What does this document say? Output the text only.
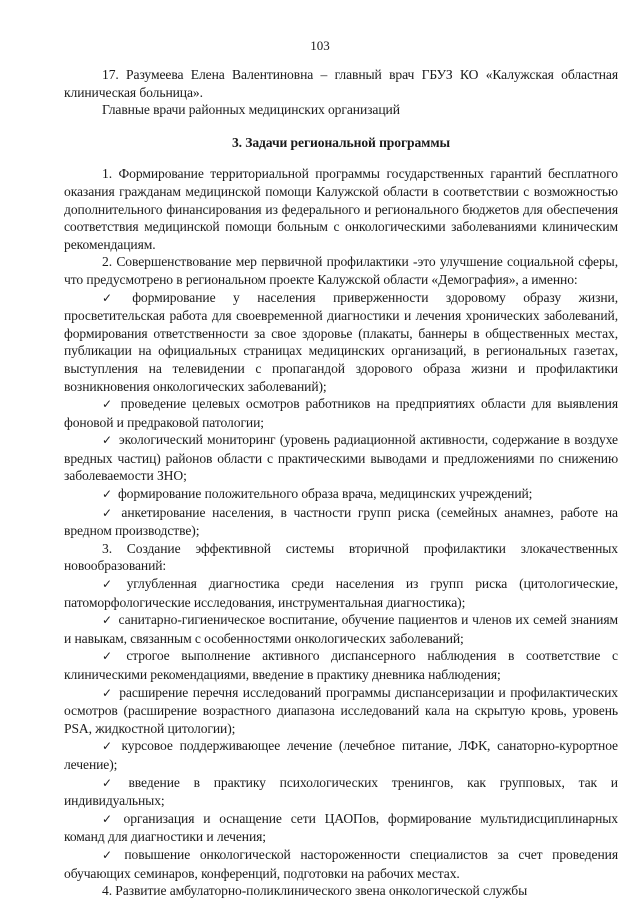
103

17. Разумеева Елена Валентиновна – главный врач ГБУЗ КО «Калужская областная клиническая больница».

Главные врачи районных медицинских организаций

3. Задачи региональной программы

1. Формирование территориальной программы государственных гарантий бесплатного оказания гражданам медицинской помощи Калужской области в соответствии с возможностью дополнительного финансирования из федерального и регионального бюджетов для обеспечения соответствия медицинской помощи больным с онкологическими заболеваниями клиническим рекомендациям.

2. Совершенствование мер первичной профилактики -это улучшение социальной сферы, что предусмотрено в региональном проекте Калужской области «Демография», а именно:

✓ формирование у населения приверженности здоровому образу жизни, просветительская работа для своевременной диагностики и лечения хронических заболеваний, формирования ответственности за свое здоровье (плакаты, баннеры в общественных местах, публикации на официальных страницах медицинских организаций, в региональных газетах, выступления на телевидении с пропагандой здорового образа жизни и профилактики возникновения онкологических заболеваний);

✓ проведение целевых осмотров работников на предприятиях области для выявления фоновой и предраковой патологии;

✓ экологический мониторинг (уровень радиационной активности, содержание в воздухе вредных частиц) районов области с практическими выводами и предложениями по снижению заболеваемости ЗНО;

✓ формирование положительного образа врача, медицинских учреждений;

✓ анкетирование населения, в частности групп риска (семейных анамнез, работе на вредном производстве);

3. Создание эффективной системы вторичной профилактики злокачественных новообразований:

✓ углубленная диагностика среди населения из групп риска (цитологические, патоморфологические исследования, инструментальная диагностика);

✓ санитарно-гигиеническое воспитание, обучение пациентов и членов их семей знаниям и навыкам, связанным с особенностями онкологических заболеваний;

✓ строгое выполнение активного диспансерного наблюдения в соответствие с клиническими рекомендациями, введение в практику дневника наблюдения;

✓ расширение перечня исследований программы диспансеризации и профилактических осмотров (расширение возрастного диапазона исследований кала на скрытую кровь, уровень PSA, жидкостной цитологии);

✓ курсовое поддерживающее лечение (лечебное питание, ЛФК, санаторно-курортное лечение);

✓ введение в практику психологических тренингов, как групповых, так и индивидуальных;

✓ организация и оснащение сети ЦАОПов, формирование мультидисциплинарных команд для диагностики и лечения;

✓ повышение онкологической настороженности специалистов за счет проведения обучающих семинаров, конференций, подготовки на рабочих местах.

4. Развитие амбулаторно-поликлинического звена онкологической службы
